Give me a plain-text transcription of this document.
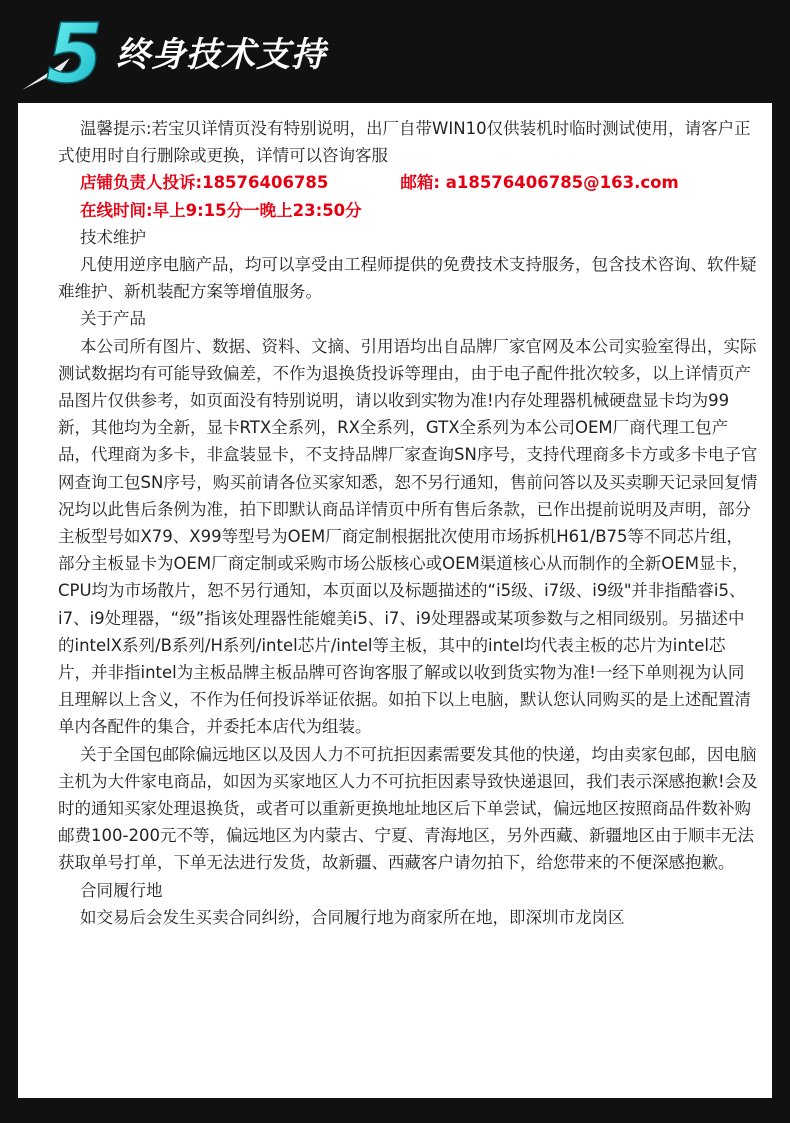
5 终身技术支持

温馨提示:若宝贝详情页没有特别说明，出厂自带WIN10仅供装机时临时测试使用，请客户正式使用时自行删除或更换，详情可以咨询客服

店铺负责人投诉:18576406785	邮箱: a18576406785@163.com

在线时间:早上9:15分一晚上23:50分

技术维护

凡使用逆序电脑产品，均可以享受由工程师提供的免费技术支持服务，包含技术咨询、软件疑难维护、新机装配方案等增值服务。

关于产品

本公司所有图片、数据、资料、文摘、引用语均出自品牌厂家官网及本公司实验室得出，实际测试数据均有可能导致偏差，不作为退换货投诉等理由，由于电子配件批次较多，以上详情页产品图片仅供参考，如页面没有特别说明，请以收到实物为准!内存处理器机械硬盘显卡均为99新，其他均为全新，显卡RTX全系列，RX全系列，GTX全系列为本公司OEM厂商代理工包产品，代理商为多卡，非盒装显卡，不支持品牌厂家查询SN序号，支持代理商多卡方或多卡电子官网查询工包SN序号，购买前请各位买家知悉，恕不另行通知，售前问答以及买卖聊天记录回复情况均以此售后条例为准，拍下即默认商品详情页中所有售后条款，已作出提前说明及声明，部分主板型号如X79、X99等型号为OEM厂商定制根据批次使用市场拆机H61/B75等不同芯片组，部分主板显卡为OEM厂商定制或采购市场公版核心或OEM渠道核心从而制作的全新OEM显卡，CPU均为市场散片，恕不另行通知，本页面以及标题描述的“i5级、i7级、i9级"并非指酷睿i5、i7、i9处理器，“级”指该处理器性能媲美i5、i7、i9处理器或某项参数与之相同级别。另描述中的intelX系列/B系列/H系列/intel芯片/intel等主板，其中的intel均代表主板的芯片为intel芯片，并非指intel为主板品牌主板品牌可咨询客服了解或以收到货实物为准!一经下单则视为认同且理解以上含义，不作为任何投诉举证依据。如拍下以上电脑，默认您认同购买的是上述配置清单内各配件的集合，并委托本店代为组装。

关于全国包邮除偏远地区以及因人力不可抗拒因素需要发其他的快递，均由卖家包邮，因电脑主机为大件家电商品，如因为买家地区人力不可抗拒因素导致快递退回，我们表示深感抱歉!会及时的通知买家处理退换货，或者可以重新更换地址地区后下单尝试，偏远地区按照商品件数补购邮费100-200元不等，偏远地区为内蒙古、宁夏、青海地区，另外西藏、新疆地区由于顺丰无法获取单号打单，下单无法进行发货，故新疆、西藏客户请勿拍下，给您带来的不便深感抱歉。

合同履行地

如交易后会发生买卖合同纠纷，合同履行地为商家所在地，即深圳市龙岗区
